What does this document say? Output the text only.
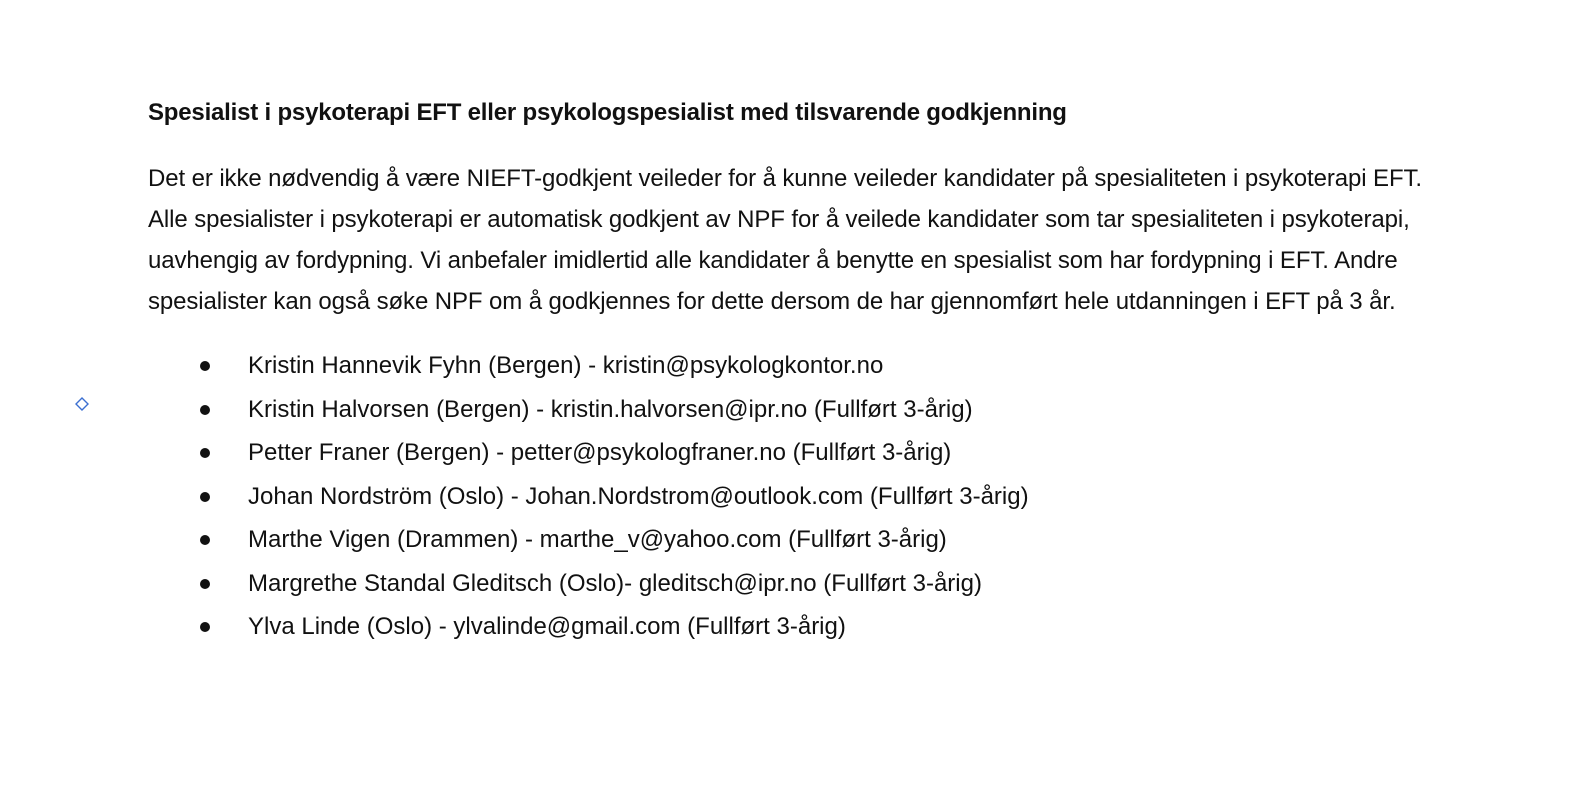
Spesialist i psykoterapi EFT eller psykologspesialist med tilsvarende godkjenning

Det er ikke nødvendig å være NIEFT-godkjent veileder for å kunne veileder kandidater på spesialiteten i psykoterapi EFT. Alle spesialister i psykoterapi er automatisk godkjent av NPF for å veilede kandidater som tar spesialiteten i psykoterapi, uavhengig av fordypning. Vi anbefaler imidlertid alle kandidater å benytte en spesialist som har fordypning i EFT. Andre spesialister kan også søke NPF om å godkjennes for dette dersom de har gjennomført hele utdanningen i EFT på 3 år.

Kristin Hannevik Fyhn (Bergen) - kristin@psykologkontor.no
Kristin Halvorsen (Bergen) - kristin.halvorsen@ipr.no (Fullført 3-årig)
Petter Franer (Bergen) - petter@psykologfraner.no (Fullført 3-årig)
Johan Nordström (Oslo) - Johan.Nordstrom@outlook.com (Fullført 3-årig)
Marthe Vigen (Drammen) - marthe_v@yahoo.com (Fullført 3-årig)
Margrethe Standal Gleditsch (Oslo)- gleditsch@ipr.no (Fullført 3-årig)
Ylva Linde (Oslo) - ylvalinde@gmail.com (Fullført 3-årig)
